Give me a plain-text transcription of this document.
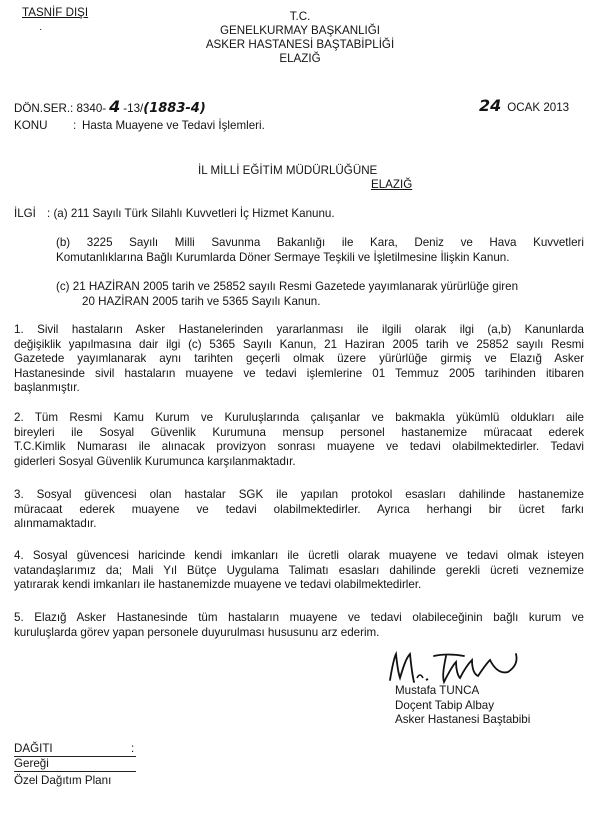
TASNİF DIŞI
·
T.C.
GENELKURMAY BAŞKANLIĞI
ASKER HASTANESİ BAŞTABİPLİĞİ
ELAZIĞ
DÖN.SER.: 8340- 4 -13/(1883-4)	24 OCAK 2013
KONU : Hasta Muayene ve Tedavi İşlemleri.
İL MİLLİ EĞİTİM MÜDÜRLÜĞÜNE
ELAZIĞ
İLGİ : (a) 211 Sayılı Türk Silahlı Kuvvetleri İç Hizmet Kanunu.
(b) 3225 Sayılı Milli Savunma Bakanlığı ile Kara, Deniz ve Hava Kuvvetleri
Komutanlıklarına Bağlı Kurumlarda Döner Sermaye Teşkili ve İşletilmesine İlişkin Kanun.
(c) 21 HAZİRAN 2005 tarih ve 25852 sayılı Resmi Gazetede yayımlanarak yürürlüğe giren
20 HAZİRAN 2005 tarih ve 5365 Sayılı Kanun.
1. Sivil hastaların Asker Hastanelerinden yararlanması ile ilgili olarak ilgi (a,b) Kanunlarda
değişiklik yapılmasına dair ilgi (c) 5365 Sayılı Kanun, 21 Haziran 2005 tarih ve 25852 sayılı Resmi
Gazetede yayımlanarak aynı tarihten geçerli olmak üzere yürürlüğe girmiş ve Elazığ Asker
Hastanesinde sivil hastaların muayene ve tedavi işlemlerine 01 Temmuz 2005 tarihinden itibaren
başlanmıştır.
2. Tüm Resmi Kamu Kurum ve Kuruluşlarında çalışanlar ve bakmakla yükümlü oldukları aile
bireyleri ile Sosyal Güvenlik Kurumuna mensup personel hastanemize müracaat ederek
T.C.Kimlik Numarası ile alınacak provizyon sonrası muayene ve tedavi olabilmektedirler. Tedavi
giderleri Sosyal Güvenlik Kurumunca karşılanmaktadır.
3. Sosyal güvencesi olan hastalar SGK ile yapılan protokol esasları dahilinde hastanemize
müracaat ederek muayene ve tedavi olabilmektedirler. Ayrıca herhangi bir ücret farkı
alınmamaktadır.
4. Sosyal güvencesi haricinde kendi imkanları ile ücretli olarak muayene ve tedavi olmak isteyen
vatandaşlarımız da; Mali Yıl Bütçe Uygulama Talimatı esasları dahilinde gerekli ücreti veznemize
yatırarak kendi imkanları ile hastanemizde muayene ve tedavi olabilmektedirler.
5. Elazığ Asker Hastanesinde tüm hastaların muayene ve tedavi olabileceğinin bağlı kurum ve
kuruluşlarda görev yapan personele duyurulması hususunu arz ederim.
Mustafa TUNCA
Doçent Tabip Albay
Asker Hastanesi Baştabibi
DAĞITI	:
Gereği
Özel Dağıtım Planı
